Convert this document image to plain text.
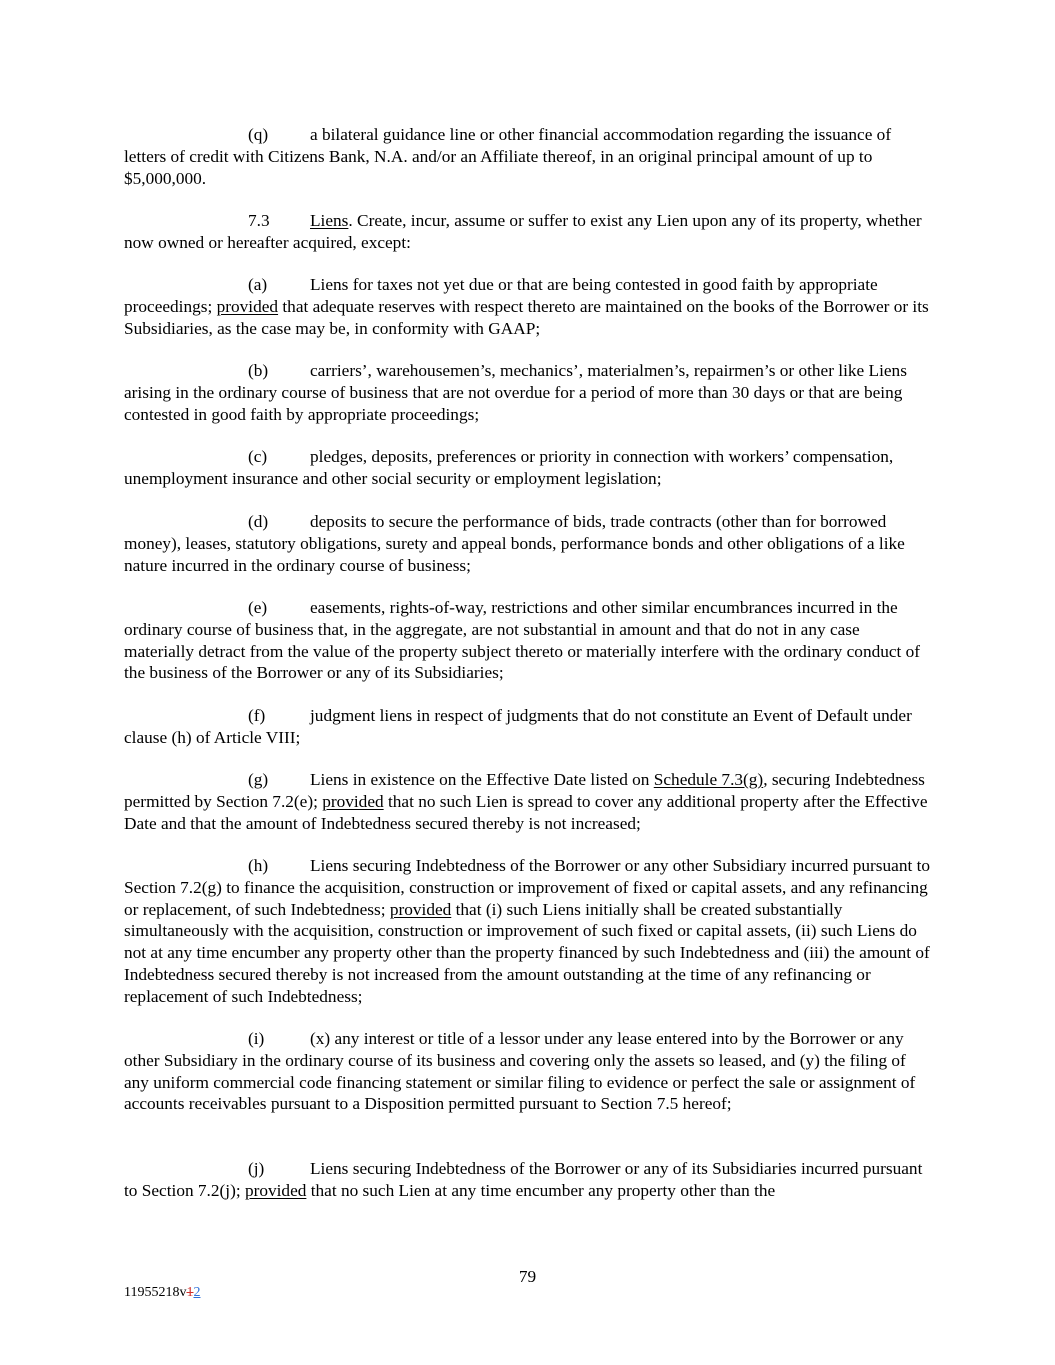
(q) a bilateral guidance line or other financial accommodation regarding the issuance of letters of credit with Citizens Bank, N.A. and/or an Affiliate thereof, in an original principal amount of up to $5,000,000.

7.3 Liens. Create, incur, assume or suffer to exist any Lien upon any of its property, whether now owned or hereafter acquired, except:

(a) Liens for taxes not yet due or that are being contested in good faith by appropriate proceedings; provided that adequate reserves with respect thereto are maintained on the books of the Borrower or its Subsidiaries, as the case may be, in conformity with GAAP;

(b) carriers’, warehousemen’s, mechanics’, materialmen’s, repairmen’s or other like Liens arising in the ordinary course of business that are not overdue for a period of more than 30 days or that are being contested in good faith by appropriate proceedings;

(c) pledges, deposits, preferences or priority in connection with workers’ compensation, unemployment insurance and other social security or employment legislation;

(d) deposits to secure the performance of bids, trade contracts (other than for borrowed money), leases, statutory obligations, surety and appeal bonds, performance bonds and other obligations of a like nature incurred in the ordinary course of business;

(e) easements, rights-of-way, restrictions and other similar encumbrances incurred in the ordinary course of business that, in the aggregate, are not substantial in amount and that do not in any case materially detract from the value of the property subject thereto or materially interfere with the ordinary conduct of the business of the Borrower or any of its Subsidiaries;

(f)	judgment liens in respect of judgments that do not constitute an Event of Default under clause (h) of Article VIII;

(g) Liens in existence on the Effective Date listed on Schedule 7.3(g), securing Indebtedness permitted by Section 7.2(e); provided that no such Lien is spread to cover any additional property after the Effective Date and that the amount of Indebtedness secured thereby is not increased;

(h) Liens securing Indebtedness of the Borrower or any other Subsidiary incurred pursuant to Section 7.2(g) to finance the acquisition, construction or improvement of fixed or capital assets, and any refinancing or replacement, of such Indebtedness; provided that (i) such Liens initially shall be created substantially simultaneously with the acquisition, construction or improvement of such fixed or capital assets, (ii) such Liens do not at any time encumber any property other than the property financed by such Indebtedness and (iii) the amount of Indebtedness secured thereby is not increased from the amount outstanding at the time of any refinancing or replacement of such Indebtedness;

(i)	(x) any interest or title of a lessor under any lease entered into by the Borrower or any other Subsidiary in the ordinary course of its business and covering only the assets so leased, and (y) the filing of any uniform commercial code financing statement or similar filing to evidence or perfect the sale or assignment of accounts receivables pursuant to a Disposition permitted pursuant to Section 7.5 hereof;

(j)	Liens securing Indebtedness of the Borrower or any of its Subsidiaries incurred pursuant to Section 7.2(j); provided that no such Lien at any time encumber any property other than the

79
11955218v12
